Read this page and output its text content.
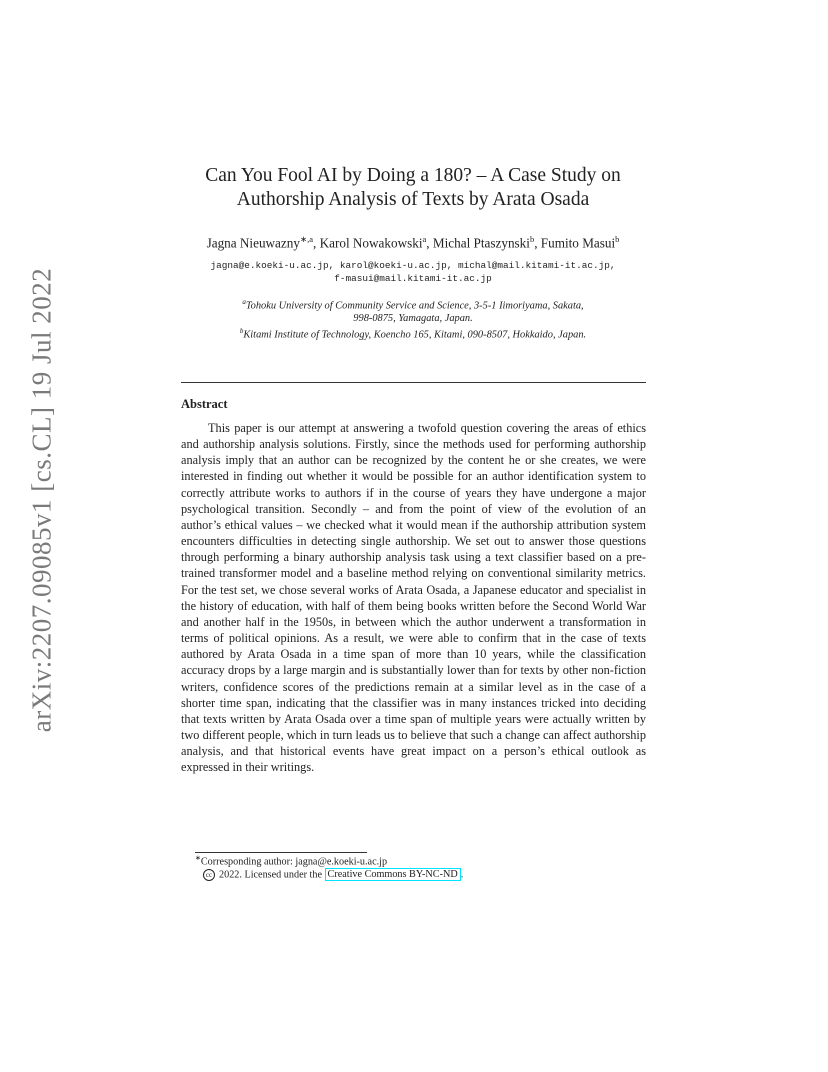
arXiv:2207.09085v1 [cs.CL] 19 Jul 2022
Can You Fool AI by Doing a 180? – A Case Study on
Authorship Analysis of Texts by Arata Osada
Jagna Nieuwazny$^{∗,a}$, Karol Nowakowski$^a$, Michal Ptaszynski$^b$, Fumito Masui$^b$
jagna@e.koeki-u.ac.jp, karol@koeki-u.ac.jp, michal@mail.kitami-it.ac.jp,
f-masui@mail.kitami-it.ac.jp
$^a$Tohoku University of Community Service and Science, 3-5-1 Iimoriyama, Sakata,
998-0875, Yamagata, Japan.
$^b$Kitami Institute of Technology, Koencho 165, Kitami, 090-8507, Hokkaido, Japan.
Abstract

This paper is our attempt at answering a twofold question covering the areas of ethics and authorship analysis solutions. Firstly, since the methods used for performing authorship analysis imply that an author can be recognized by the content he or she creates, we were interested in finding out whether it would be possible for an author identification system to correctly attribute works to authors if in the course of years they have undergone a major psychological transition. Secondly – and from the point of view of the evolution of an author’s ethical values – we checked what it would mean if the authorship attribution system encounters difficulties in detecting single authorship. We set out to answer those questions through performing a binary authorship analysis task using a text classifier based on a pre-trained transformer model and a baseline method relying on conventional similarity metrics. For the test set, we chose several works of Arata Osada, a Japanese educator and specialist in the history of education, with half of them being books written before the Second World War and another half in the 1950s, in between which the author underwent a transformation in terms of political opinions. As a result, we were able to confirm that in the case of texts authored by Arata Osada in a time span of more than 10 years, while the classification accuracy drops by a large margin and is substantially lower than for texts by other non-fiction writers, confidence scores of the predictions remain at a similar level as in the case of a shorter time span, indicating that the classifier was in many instances tricked into deciding that texts written by Arata Osada over a time span of multiple years were actually written by two different people, which in turn leads us to believe that such a change can affect authorship analysis, and that historical events have great impact on a person’s ethical outlook as expressed in their writings.

∗Corresponding author: jagna@e.koeki-u.ac.jp
cc 2022. Licensed under the Creative Commons BY-NC-ND .
